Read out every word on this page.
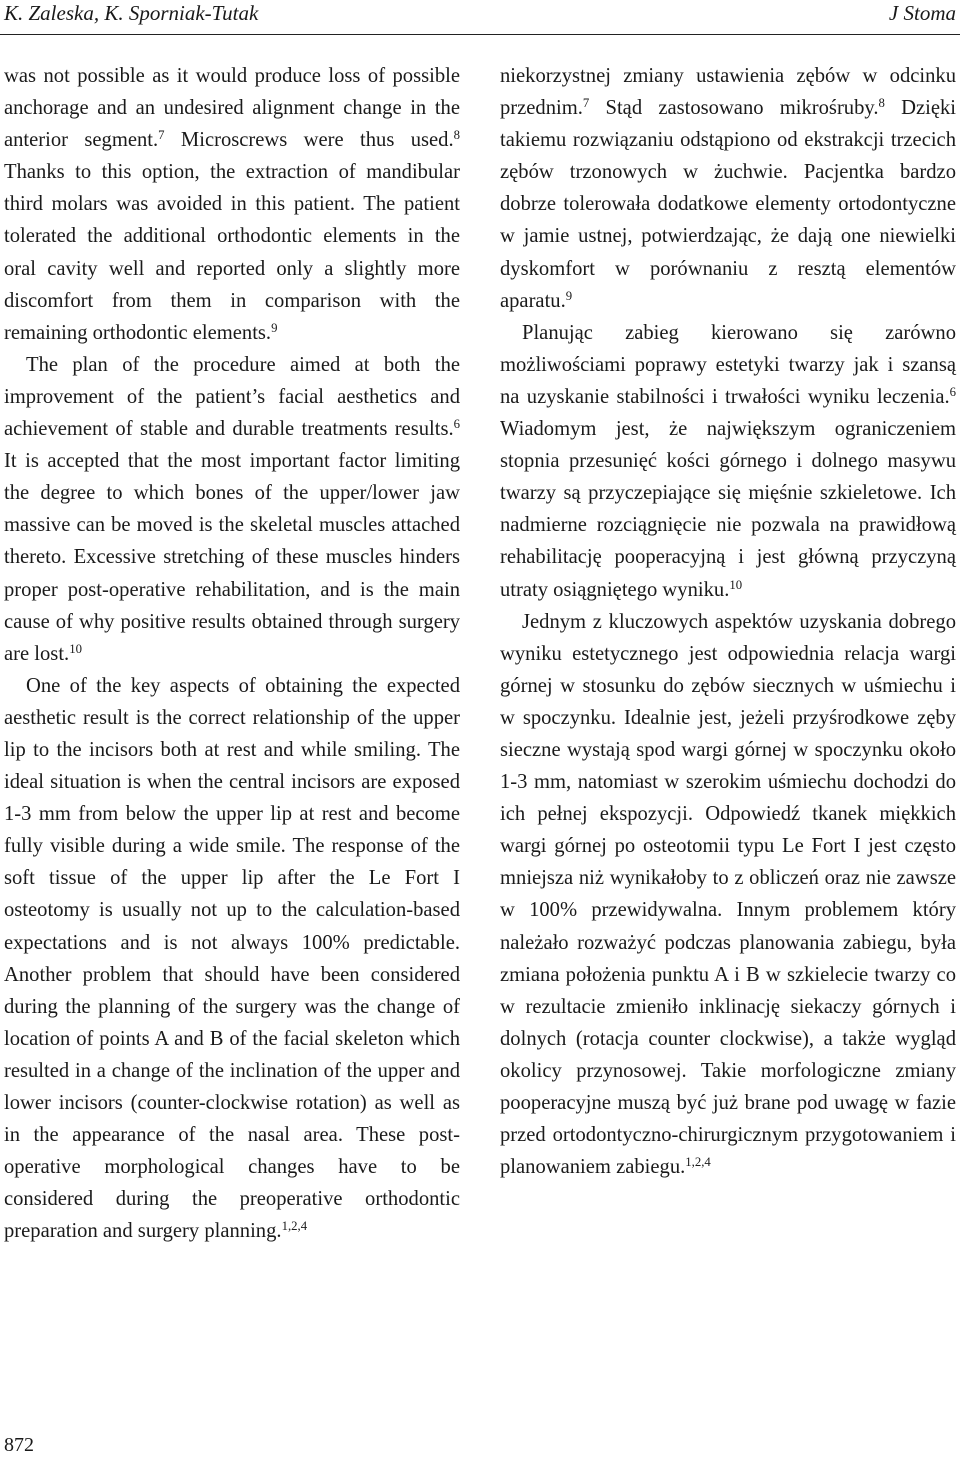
K. Zaleska, K. Sporniak-Tutak	J Stoma

was not possible as it would produce loss of possible anchorage and an undesired alignment change in the anterior segment.$^7$ Microscrews were thus used.$^8$ Thanks to this option, the extraction of mandibular third molars was avoided in this patient. The patient tolerated the additional orthodontic elements in the oral cavity well and reported only a slightly more discomfort from them in comparison with the remaining orthodontic elements.$^9$

The plan of the procedure aimed at both the improvement of the patient’s facial aesthetics and achievement of stable and durable treatments results.$^6$ It is accepted that the most important factor limiting the degree to which bones of the upper/lower jaw massive can be moved is the skeletal muscles attached thereto. Excessive stretching of these muscles hinders proper post-operative rehabilitation, and is the main cause of why positive results obtained through surgery are lost.$^{10}$

One of the key aspects of obtaining the expected aesthetic result is the correct relationship of the upper lip to the incisors both at rest and while smiling. The ideal situation is when the central incisors are exposed 1-3 mm from below the upper lip at rest and become fully visible during a wide smile. The response of the soft tissue of the upper lip after the Le Fort I osteotomy is usually not up to the calculation-based expectations and is not always 100% predictable. Another problem that should have been considered during the planning of the surgery was the change of location of points A and B of the facial skeleton which resulted in a change of the inclination of the upper and lower incisors (counter-clockwise rotation) as well as in the appearance of the nasal area. These post-operative morphological changes have to be considered during the preoperative orthodontic preparation and surgery planning.$^{1,2,4}$

niekorzystnej zmiany ustawienia zębów w odcinku przednim.$^7$ Stąd zastosowano mikrośruby.$^8$ Dzięki takiemu rozwiązaniu odstąpiono od ekstrakcji trzecich zębów trzonowych w żuchwie. Pacjentka bardzo dobrze tolerowała dodatkowe elementy ortodontyczne w jamie ustnej, potwierdzając, że dają one niewielki dyskomfort w porównaniu z resztą elementów aparatu.$^9$

Planując zabieg kierowano się zarówno możliwościami poprawy estetyki twarzy jak i szansą na uzyskanie stabilności i trwałości wyniku leczenia.$^6$ Wiadomym jest, że największym ograniczeniem stopnia przesunięć kości górnego i dolnego masywu twarzy są przyczepiające się mięśnie szkieletowe. Ich nadmierne rozciągnięcie nie pozwala na prawidłową rehabilitację pooperacyjną i jest główną przyczyną utraty osiągniętego wyniku.$^{10}$

Jednym z kluczowych aspektów uzyskania dobrego wyniku estetycznego jest odpowiednia relacja wargi górnej w stosunku do zębów siecznych w uśmiechu i w spoczynku. Idealnie jest, jeżeli przyśrodkowe zęby sieczne wystają spod wargi górnej w spoczynku około 1-3 mm, natomiast w szerokim uśmiechu dochodzi do ich pełnej ekspozycji. Odpowiedź tkanek miękkich wargi górnej po osteotomii typu Le Fort I jest często mniejsza niż wynikałoby to z obliczeń oraz nie zawsze w 100% przewidywalna. Innym problemem który należało rozważyć podczas planowania zabiegu, była zmiana położenia punktu A i B w szkielecie twarzy co w rezultacie zmieniło inklinację siekaczy górnych i dolnych (rotacja counter clockwise), a także wygląd okolicy przynosowej. Takie morfologiczne zmiany pooperacyjne muszą być już brane pod uwagę w fazie przed ortodontyczno-chirurgicznym przygotowaniem i planowaniem zabiegu.$^{1,2,4}$

872
